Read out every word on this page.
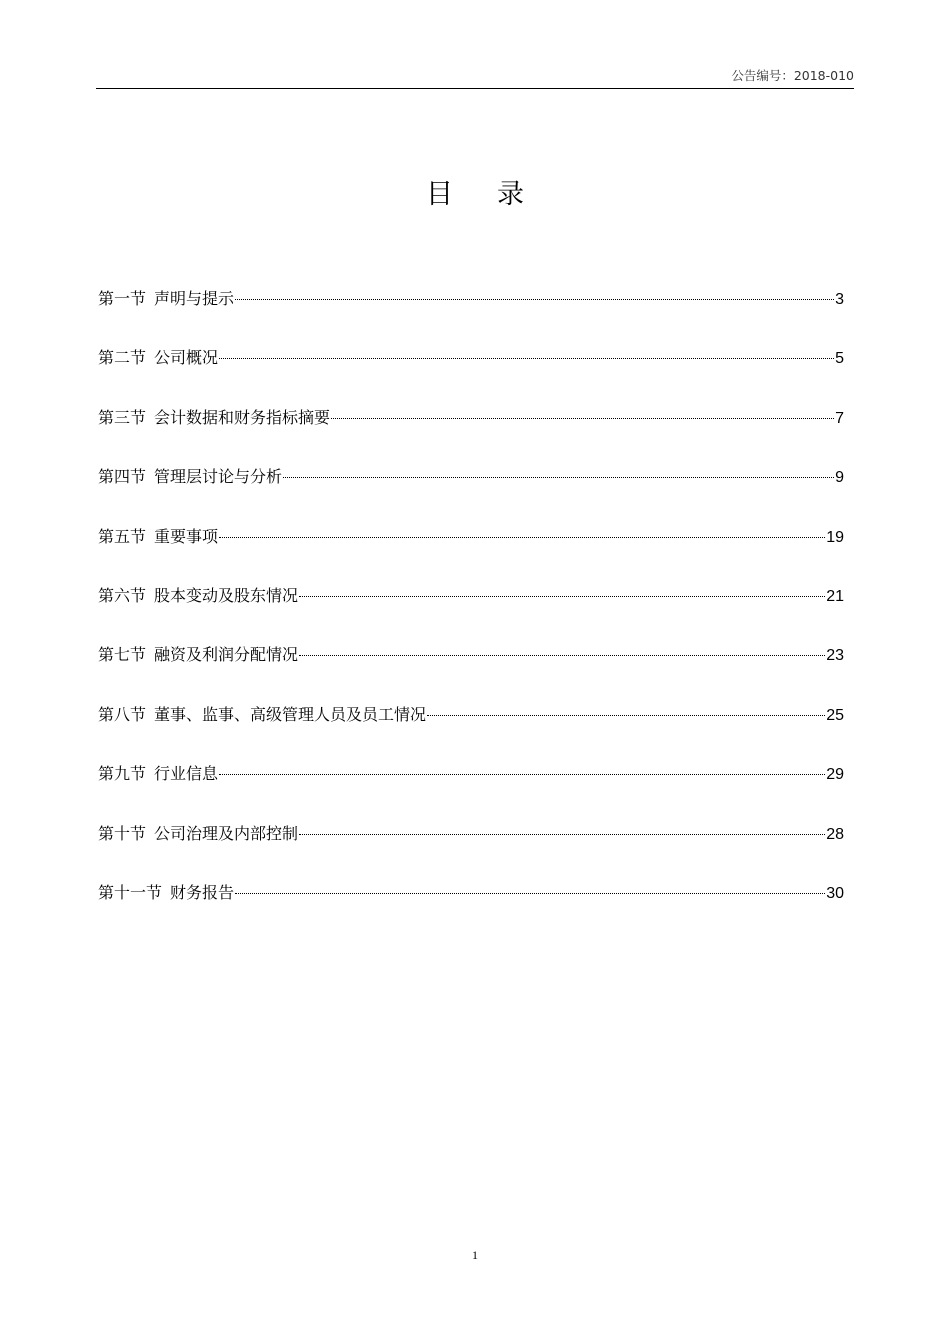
公告编号：2018-010
目录
第一节 声明与提示	3
第二节 公司概况	5
第三节 会计数据和财务指标摘要	7
第四节 管理层讨论与分析	9
第五节 重要事项	19
第六节 股本变动及股东情况	21
第七节 融资及利润分配情况	23
第八节 董事、监事、高级管理人员及员工情况	25
第九节 行业信息	29
第十节 公司治理及内部控制	28
第十一节 财务报告	30
1
